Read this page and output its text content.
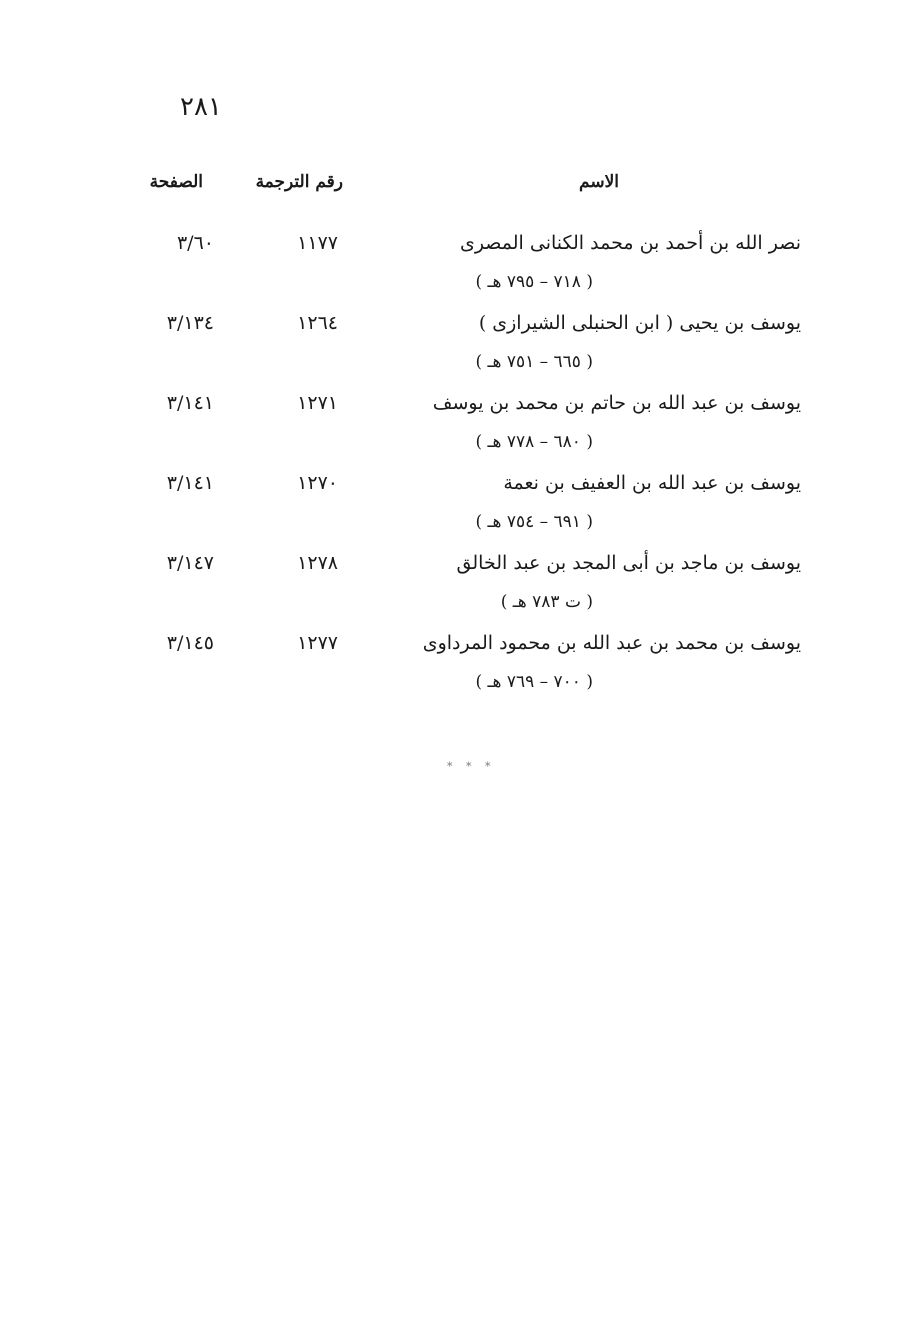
٢٨١
الاسم
رقم الترجمة
الصفحة
نصر الله بن أحمد بن محمد الكنانى المصرى
( ٧١٨ – ٧٩٥ هـ )
١١٧٧
٣/٦٠
يوسف بن يحيى ( ابن الحنبلى الشيرازى )
( ٦٦٥ – ٧٥١ هـ )
١٢٦٤
٣/١٣٤
يوسف بن عبد الله بن حاتم بن محمد بن يوسف
( ٦٨٠ – ٧٧٨ هـ )
١٢٧١
٣/١٤١
يوسف بن عبد الله بن العفيف بن نعمة
( ٦٩١ – ٧٥٤ هـ )
١٢٧٠
٣/١٤١
يوسف بن ماجد بن أبى المجد بن عبد الخالق
( ت ٧٨٣ هـ )
١٢٧٨
٣/١٤٧
يوسف بن محمد بن عبد الله بن محمود المرداوى
( ٧٠٠ – ٧٦٩ هـ )
١٢٧٧
٣/١٤٥
* * *
